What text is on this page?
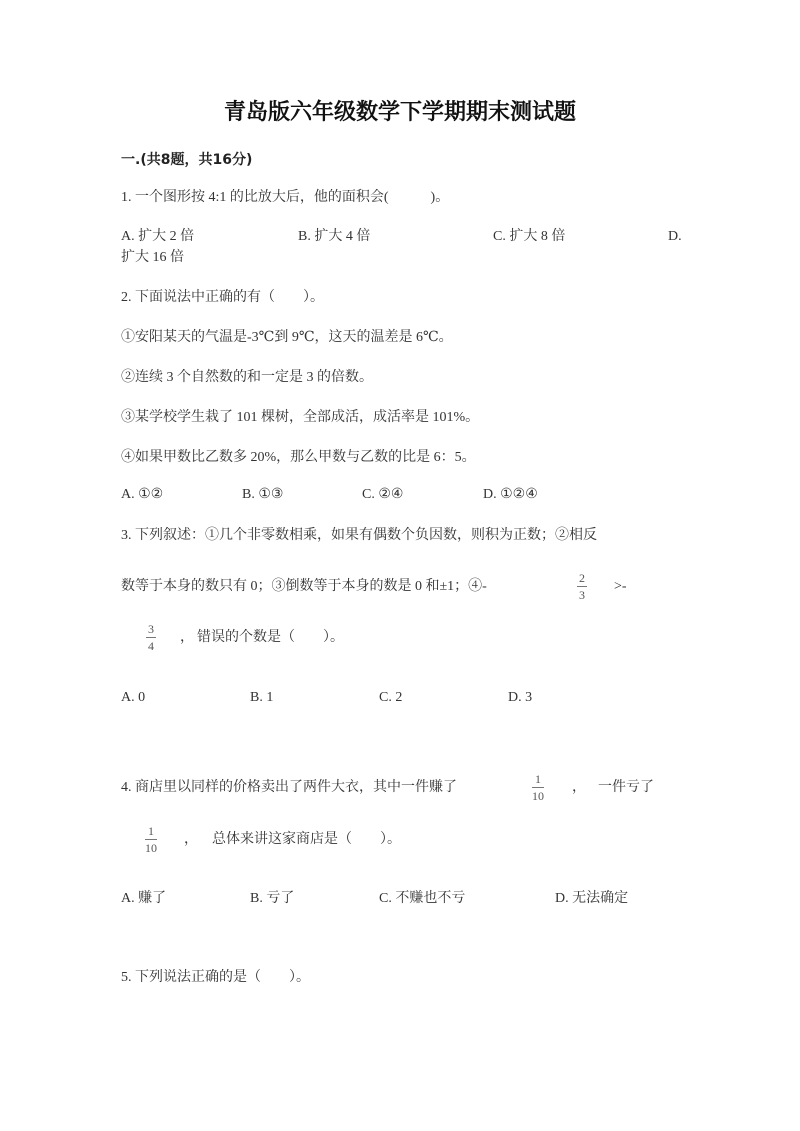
青岛版六年级数学下学期期末测试题
一.(共8题，共16分)
1. 一个图形按 4:1 的比放大后，他的面积会(　　　)。
A. 扩大 2 倍	B. 扩大 4 倍	C. 扩大 8 倍	D.
扩大 16 倍
2. 下面说法中正确的有（　　）。
①安阳某天的气温是-3℃到 9℃，这天的温差是 6℃。
②连续 3 个自然数的和一定是 3 的倍数。
③某学校学生栽了 101 棵树，全部成活，成活率是 101%。
④如果甲数比乙数多 20%，那么甲数与乙数的比是 6：5。
A. ①②	B. ①③	C. ②④	D. ①②④
3. 下列叙述：①几个非零数相乘，如果有偶数个负因数，则积为正数；②相反
数等于本身的数只有 0；③倒数等于本身的数是 0 和±1；④-
2
3
>-
3
4
， 错误的个数是（　　）。
A. 0	B. 1	C. 2	D. 3
4. 商店里以同样的价格卖出了两件大衣，其中一件赚了
1
10
， 一件亏了
1
10
， 总体来讲这家商店是（　　）。
A. 赚了	B. 亏了	C. 不赚也不亏	D. 无法确定
5. 下列说法正确的是（　　）。
